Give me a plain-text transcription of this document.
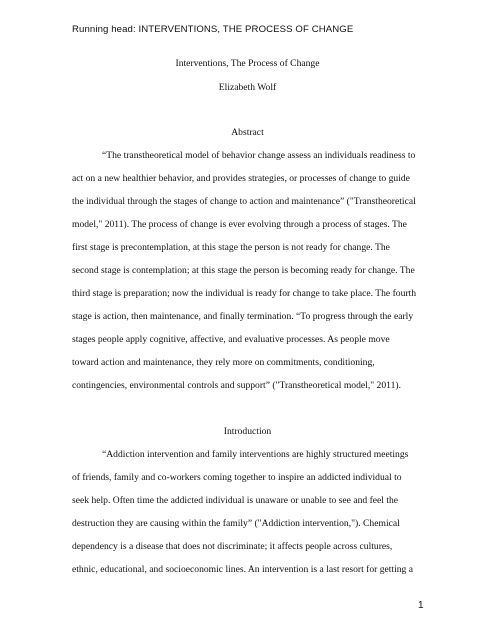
Running head: INTERVENTIONS, THE PROCESS OF CHANGE
Interventions, The Process of Change
Elizabeth Wolf
Abstract
“The transtheoretical model of behavior change assess an individuals readiness to
act on a new healthier behavior, and provides strategies, or processes of change to guide
the individual through the stages of change to action and maintenance” ("Transtheoretical
model," 2011). The process of change is ever evolving through a process of stages. The
first stage is precontemplation, at this stage the person is not ready for change. The
second stage is contemplation; at this stage the person is becoming ready for change. The
third stage is preparation; now the individual is ready for change to take place. The fourth
stage is action, then maintenance, and finally termination. “To progress through the early
stages people apply cognitive, affective, and evaluative processes. As people move
toward action and maintenance, they rely more on commitments, conditioning,
contingencies, environmental controls and support” ("Transtheoretical model," 2011).
Introduction
“Addiction intervention and family interventions are highly structured meetings
of friends, family and co-workers coming together to inspire an addicted individual to
seek help. Often time the addicted individual is unaware or unable to see and feel the
destruction they are causing within the family” ("Addiction intervention,"). Chemical
dependency is a disease that does not discriminate; it affects people across cultures,
ethnic, educational, and socioeconomic lines. An intervention is a last resort for getting a
1
